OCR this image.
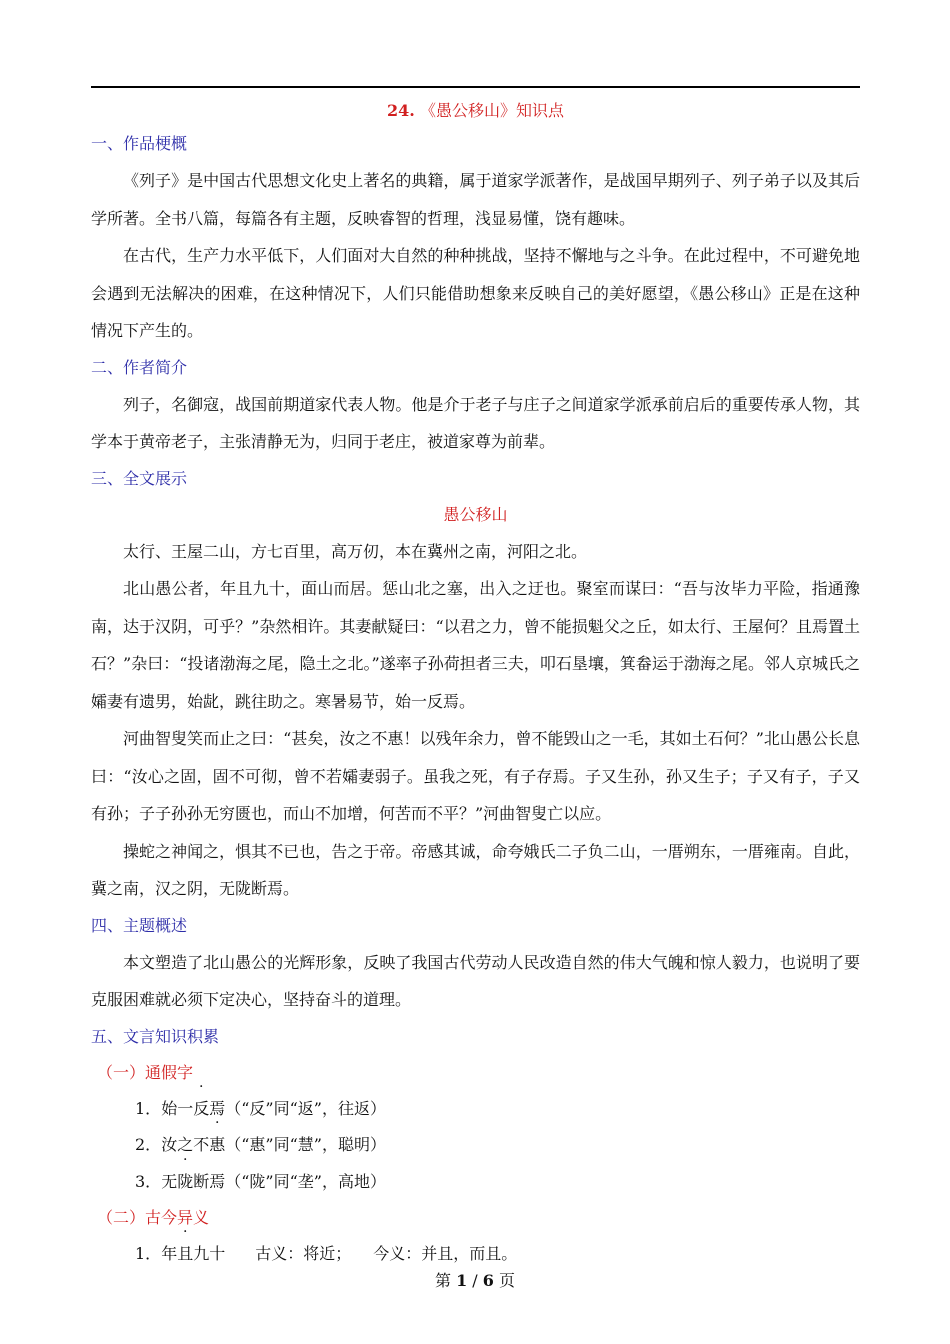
24. 《愚公移山》知识点
一、作品梗概

《列子》是中国古代思想文化史上著名的典籍，属于道家学派著作，是战国早期列子、列子弟子以及其后学所著。全书八篇，每篇各有主题，反映睿智的哲理，浅显易懂，饶有趣味。

在古代，生产力水平低下，人们面对大自然的种种挑战，坚持不懈地与之斗争。在此过程中，不可避免地会遇到无法解决的困难，在这种情况下，人们只能借助想象来反映自己的美好愿望，《愚公移山》正是在这种情况下产生的。

二、作者简介

列子，名御寇，战国前期道家代表人物。他是介于老子与庄子之间道家学派承前启后的重要传承人物，其学本于黄帝老子，主张清静无为，归同于老庄，被道家尊为前辈。

三、全文展示
愚公移山

太行、王屋二山，方七百里，高万仞，本在冀州之南，河阳之北。

北山愚公者，年且九十，面山而居。惩山北之塞，出入之迂也。聚室而谋曰：“吾与汝毕力平险，指通豫南，达于汉阴，可乎？”杂然相许。其妻献疑曰：“以君之力，曾不能损魁父之丘，如太行、王屋何？且焉置土石？”杂曰：“投诸渤海之尾，隐土之北。”遂率子孙荷担者三夫，叩石垦壤，箕畚运于渤海之尾。邻人京城氏之孀妻有遗男，始龀，跳往助之。寒暑易节，始一反焉。

河曲智叟笑而止之曰：“甚矣，汝之不惠！以残年余力，曾不能毁山之一毛，其如土石何？”北山愚公长息曰：“汝心之固，固不可彻，曾不若孀妻弱子。虽我之死，有子存焉。子又生孙，孙又生子；子又有子，子又有孙；子子孙孙无穷匮也，而山不加增，何苦而不平？”河曲智叟亡以应。

操蛇之神闻之，惧其不已也，告之于帝。帝感其诚，命夸娥氏二子负二山，一厝朔东，一厝雍南。自此，冀之南，汉之阴，无陇断焉。

四、主题概述

本文塑造了北山愚公的光辉形象，反映了我国古代劳动人民改造自然的伟大气魄和惊人毅力，也说明了要克服困难就必须下定决心，坚持奋斗的道理。

五、文言知识积累
（一）通假字
1．始一反焉（“反”同“返”，往返）
2．汝之不惠（“惠”同“慧”，聪明）
3．无陇断焉（“陇”同“垄”，高地）
（二）古今异义
1．年且九十 古义：将近； 今义：并且，而且。
第 1 / 6 页
